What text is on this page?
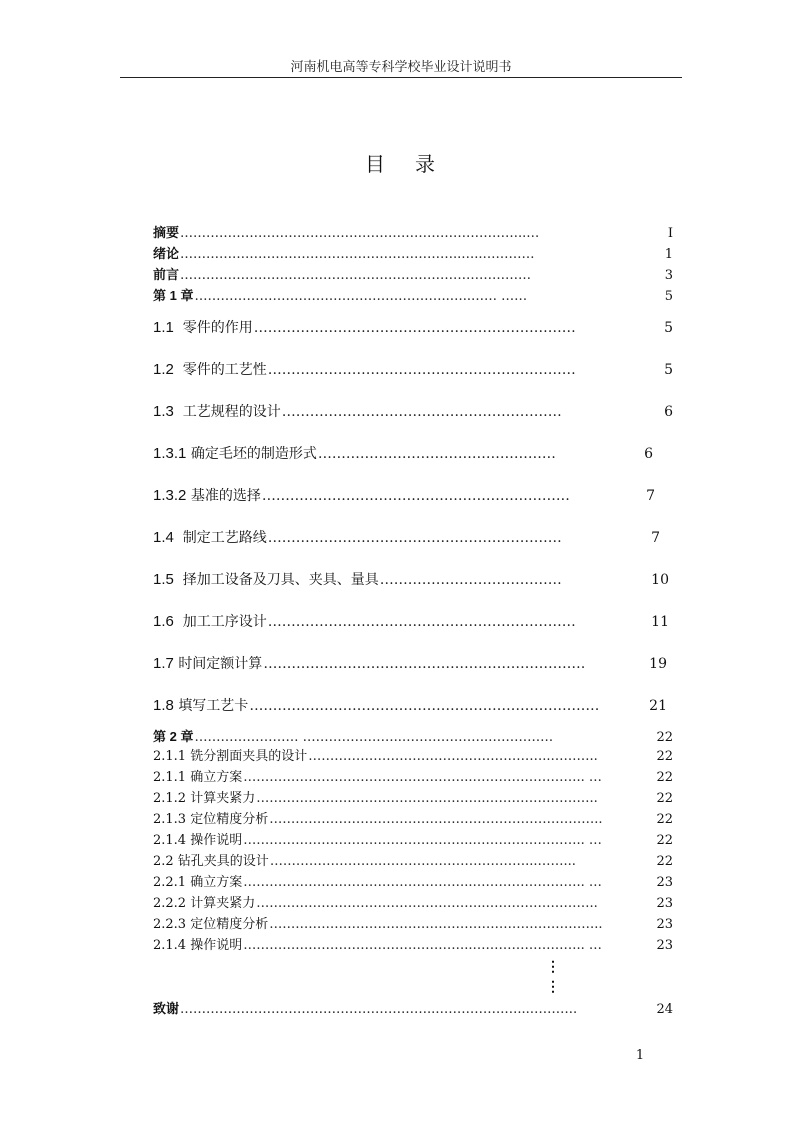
河南机电高等专科学校毕业设计说明书
目 录
摘要 ……………………………………………………………………..…	I
绪论 ………………………………………………………..…..…………	1
前言 ………………………………………………………………………	3
第 1 章 …………………………………………………..…..…… ……	5
1.1 零件的作用 ……………………………………………………………	5
1.2 零件的工艺性 …………………………………………………………	5
1.3 工艺规程的设计 ……………………………………………………	6
1.3.1 确定毛坯的制造形式 ……………………………………………	6
1.3.2 基准的选择 …………………………………………………………	7
1.4 制定工艺路线 ………………………………………………………	7
1.5 择加工设备及刀具、夹具、量具 …………………………………	10
1.6 加工工序设计 …………………………………………………………	11
1.7 时间定额计算 ……………………………………………………………	19
1.8 填写工艺卡 …………………………………………………………………	21
第 2 章 …………………… …………………..………………..……………	22
2.1.1 铣分割面夹具的设计 ………………………………………………..………..	22
2.1.1 确立方案 ……………………………………………..…………………….. …	22
2.1.2 计算夹紧力 ……………………………………………..……………………..	22
2.1.3 定位精度分析 …………………………………………………………………..	22
2.1.4 操作说明 ……………………………………………..…………………….. …	22
2.2 钻孔夹具的设计 ……………………..……………………………...……...	22
2.2.1 确立方案 ……………………………………………..…………………….. …	23
2.2.2 计算夹紧力 ……………………………………………..……………………..	23
2.2.3 定位精度分析 …………………………………………………………………..	23
2.1.4 操作说明 ……………………………………………..…………………….. …	23
⋮
⋮
致谢 …………………………………………………..…………….…...………..	24
1
